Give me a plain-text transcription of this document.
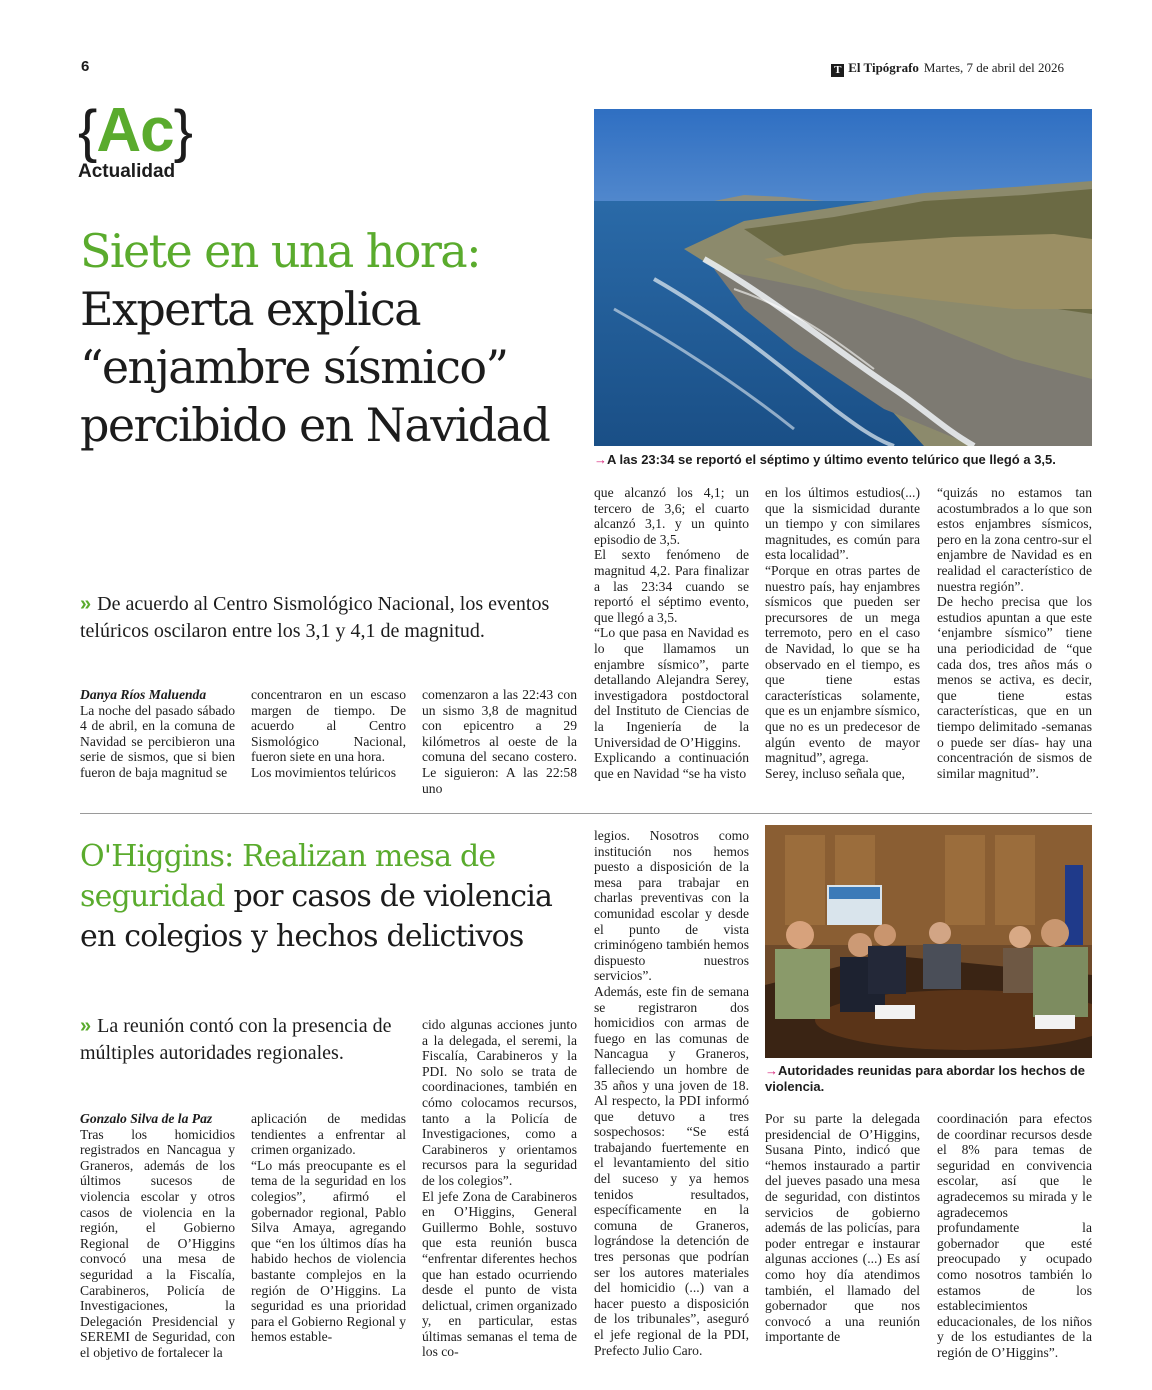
6	T El Tipógrafo Martes, 7 de abril del 2026
{Ac}
Actualidad
Siete en una hora:
Experta explica “enjambre sísmico” percibido en Navidad
→A las 23:34 se reportó el séptimo y último evento telúrico que llegó a 3,5.
» De acuerdo al Centro Sismológico Nacional, los eventos telúricos oscilaron entre los 3,1 y 4,1 de magnitud.

Danya Ríos Maluenda

La noche del pasado sábado 4 de abril, en la comuna de Navidad se percibieron una serie de sismos, que si bien fueron de baja magnitud se

concentraron en un escaso margen de tiempo. De acuerdo al Centro Sismológico Nacional, fueron siete en una hora.

Los movimientos telúricos

comenzaron a las 22:43 con un sismo 3,8 de magnitud con epicentro a 29 kilómetros al oeste de la comuna del secano costero. Le siguieron: A las 22:58 uno

que alcanzó los 4,1; un tercero de 3,6; el cuarto alcanzó 3,1. y un quinto episodio de 3,5.

El sexto fenómeno de magnitud 4,2. Para finalizar a las 23:34 cuando se reportó el séptimo evento, que llegó a 3,5.

“Lo que pasa en Navidad es lo que llamamos un enjambre sísmico”, parte detallando Alejandra Serey, investigadora postdoctoral del Instituto de Ciencias de la Ingeniería de la Universidad de O’Higgins.

Explicando a continuación que en Navidad “se ha visto

en los últimos estudios(...) que la sismicidad durante un tiempo y con similares magnitudes, es común para esta localidad”.

“Porque en otras partes de nuestro país, hay enjambres sísmicos que pueden ser precursores de un mega terremoto, pero en el caso de Navidad, lo que se ha observado en el tiempo, es que tiene estas características solamente, que es un enjambre sísmico, que no es un predecesor de algún evento de mayor magnitud”, agrega.

Serey, incluso señala que,

“quizás no estamos tan acostumbrados a lo que son estos enjambres sísmicos, pero en la zona centro-sur el enjambre de Navidad es en realidad el característico de nuestra región”.

De hecho precisa que los estudios apuntan a que este ‘enjambre sísmico” tiene una periodicidad de “que cada dos, tres años más o menos se activa, es decir, que tiene estas características, que en un tiempo delimitado -semanas o puede ser días- hay una concentración de sismos de similar magnitud”.

O'Higgins: Realizan mesa de seguridad por casos de violencia en colegios y hechos delictivos
→Autoridades reunidas para abordar los hechos de violencia.
» La reunión contó con la presencia de múltiples autoridades regionales.

Gonzalo Silva de la Paz

Tras los homicidios registrados en Nancagua y Graneros, además de los últimos sucesos de violencia escolar y otros casos de violencia en la región, el Gobierno Regional de O’Higgins convocó una mesa de seguridad a la Fiscalía, Carabineros, Policía de Investigaciones, la Delegación Presidencial y SEREMI de Seguridad, con el objetivo de fortalecer la

aplicación de medidas tendientes a enfrentar al crimen organizado.

“Lo más preocupante es el tema de la seguridad en los colegios”, afirmó el gobernador regional, Pablo Silva Amaya, agregando que “en los últimos días ha habido hechos de violencia bastante complejos en la región de O’Higgins. La seguridad es una prioridad para el Gobierno Regional y hemos estable-

cido algunas acciones junto a la delegada, el seremi, la Fiscalía, Carabineros y la PDI. No solo se trata de coordinaciones, también en cómo colocamos recursos, tanto a la Policía de Investigaciones, como a Carabineros y orientamos recursos para la seguridad de los colegios”.

El jefe Zona de Carabineros en O’Higgins, General Guillermo Bohle, sostuvo que esta reunión busca “enfrentar diferentes hechos que han estado ocurriendo desde el punto de vista delictual, crimen organizado y, en particular, estas últimas semanas el tema de los co-

legios. Nosotros como institución nos hemos puesto a disposición de la mesa para trabajar en charlas preventivas con la comunidad escolar y desde el punto de vista criminógeno también hemos dispuesto nuestros servicios”.

Además, este fin de semana se registraron dos homicidios con armas de fuego en las comunas de Nancagua y Graneros, falleciendo un hombre de 35 años y una joven de 18. Al respecto, la PDI informó que detuvo a tres sospechosos: “Se está trabajando fuertemente en el levantamiento del sitio del suceso y ya hemos tenidos resultados, específicamente en la comuna de Graneros, lográndose la detención de tres personas que podrían ser los autores materiales del homicidio (...) van a hacer puesto a disposición de los tribunales”, aseguró el jefe regional de la PDI, Prefecto Julio Caro.

Por su parte la delegada presidencial de O’Higgins, Susana Pinto, indicó que “hemos instaurado a partir del jueves pasado una mesa de seguridad, con distintos servicios de gobierno además de las policías, para poder entregar e instaurar algunas acciones (...) Es así como hoy día atendimos también, el llamado del gobernador que nos convocó a una reunión importante de

coordinación para efectos de coordinar recursos desde el 8% para temas de seguridad en convivencia escolar, así que le agradecemos su mirada y le agradecemos profundamente la gobernador que esté preocupado y ocupado como nosotros también lo estamos de los establecimientos educacionales, de los niños y de los estudiantes de la región de O’Higgins”.
